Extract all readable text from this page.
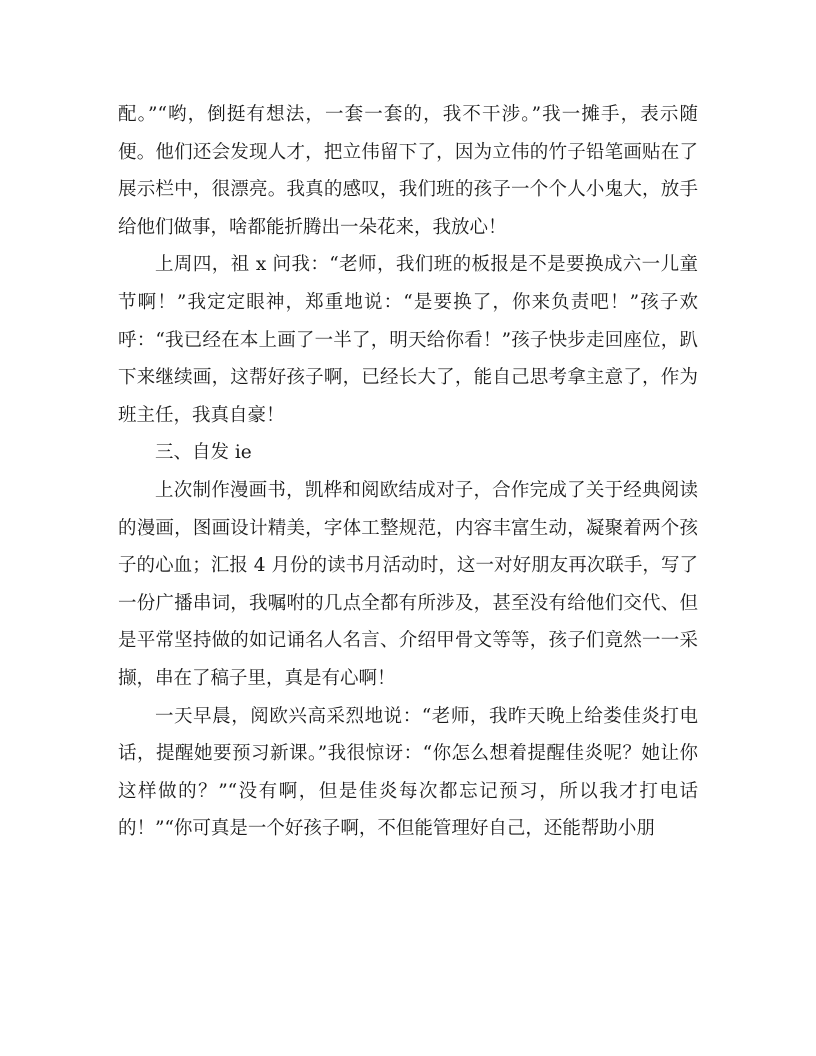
配。”“哟，倒挺有想法，一套一套的，我不干涉。”我一摊手，表示随便。他们还会发现人才，把立伟留下了，因为立伟的竹子铅笔画贴在了展示栏中，很漂亮。我真的感叹，我们班的孩子一个个人小鬼大，放手给他们做事，啥都能折腾出一朵花来，我放心！

上周四，祖 x 问我：“老师，我们班的板报是不是要换成六一儿童节啊！”我定定眼神，郑重地说：“是要换了，你来负责吧！”孩子欢呼：“我已经在本上画了一半了，明天给你看！”孩子快步走回座位，趴下来继续画，这帮好孩子啊，已经长大了，能自己思考拿主意了，作为班主任，我真自豪！

三、自发 ie

上次制作漫画书，凯桦和阅欧结成对子，合作完成了关于经典阅读的漫画，图画设计精美，字体工整规范，内容丰富生动，凝聚着两个孩子的心血；汇报 4 月份的读书月活动时，这一对好朋友再次联手，写了一份广播串词，我嘱咐的几点全都有所涉及，甚至没有给他们交代、但是平常坚持做的如记诵名人名言、介绍甲骨文等等，孩子们竟然一一采撷，串在了稿子里，真是有心啊！

一天早晨，阅欧兴高采烈地说：“老师，我昨天晚上给娄佳炎打电话，提醒她要预习新课。”我很惊讶：“你怎么想着提醒佳炎呢？她让你这样做的？”“没有啊，但是佳炎每次都忘记预习，所以我才打电话的！”“你可真是一个好孩子啊，不但能管理好自己，还能帮助小朋
